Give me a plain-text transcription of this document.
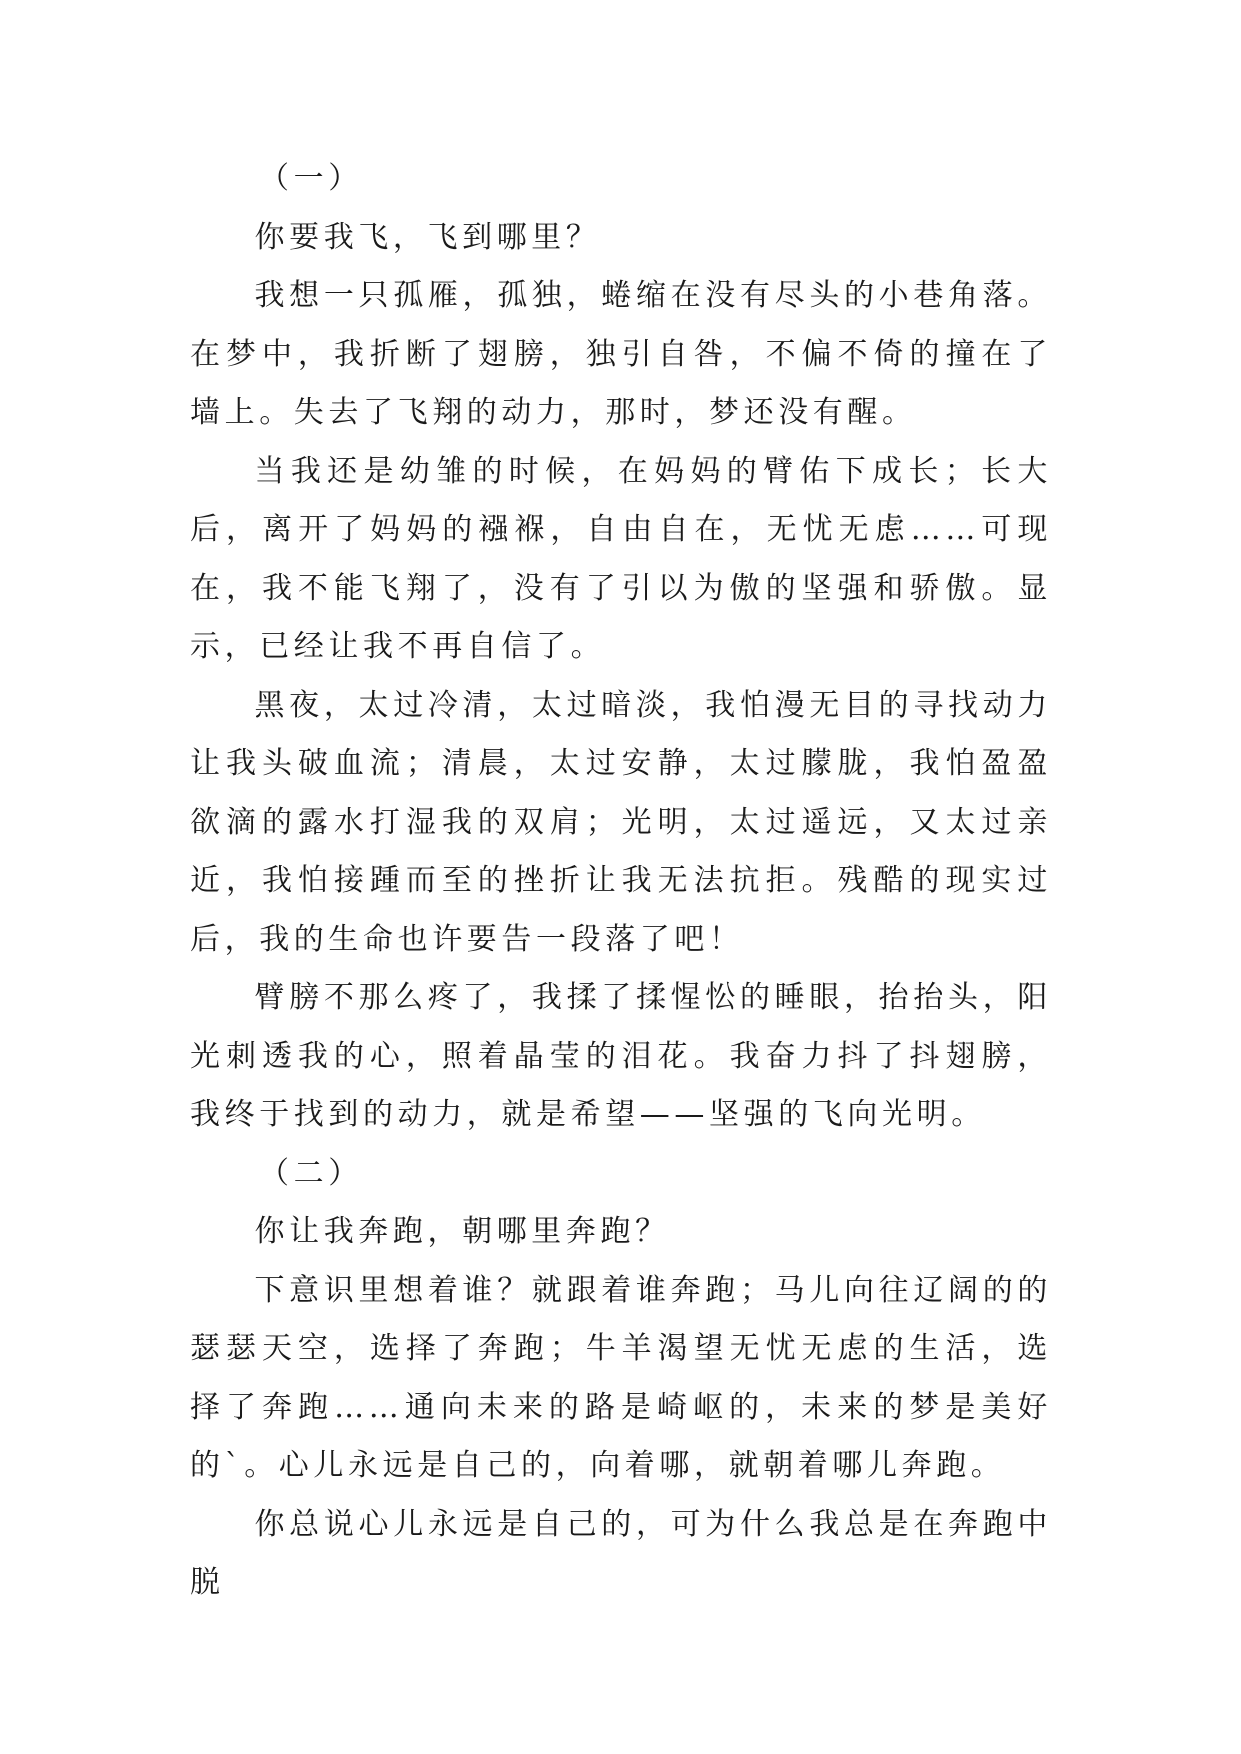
（一）

你要我飞，飞到哪里？

我想一只孤雁，孤独，蜷缩在没有尽头的小巷角落。在梦中，我折断了翅膀，独引自咎，不偏不倚的撞在了墙上。失去了飞翔的动力，那时，梦还没有醒。

当我还是幼雏的时候，在妈妈的臂佑下成长；长大后，离开了妈妈的襁褓，自由自在，无忧无虑……可现在，我不能飞翔了，没有了引以为傲的坚强和骄傲。显示，已经让我不再自信了。

黑夜，太过冷清，太过暗淡，我怕漫无目的寻找动力让我头破血流；清晨，太过安静，太过朦胧，我怕盈盈欲滴的露水打湿我的双肩；光明，太过遥远，又太过亲近，我怕接踵而至的挫折让我无法抗拒。残酷的现实过后，我的生命也许要告一段落了吧！

臂膀不那么疼了，我揉了揉惺忪的睡眼，抬抬头，阳光刺透我的心，照着晶莹的泪花。我奋力抖了抖翅膀，我终于找到的动力，就是希望——坚强的飞向光明。

（二）

你让我奔跑，朝哪里奔跑？

下意识里想着谁？就跟着谁奔跑；马儿向往辽阔的的瑟瑟天空，选择了奔跑；牛羊渴望无忧无虑的生活，选择了奔跑……通向未来的路是崎岖的，未来的梦是美好的`。心儿永远是自己的，向着哪，就朝着哪儿奔跑。

你总说心儿永远是自己的，可为什么我总是在奔跑中脱
